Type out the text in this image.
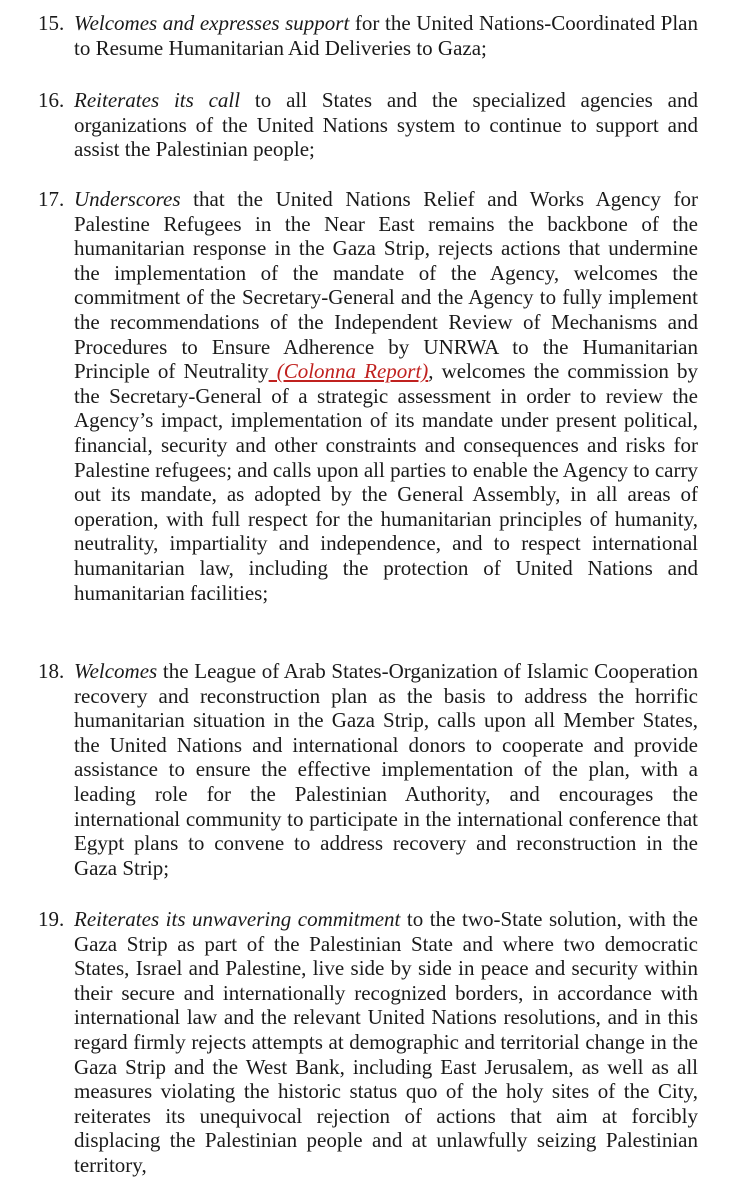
15. Welcomes and expresses support for the United Nations-Coordinated Plan to Resume Humanitarian Aid Deliveries to Gaza;
16. Reiterates its call to all States and the specialized agencies and organizations of the United Nations system to continue to support and assist the Palestinian people;
17. Underscores that the United Nations Relief and Works Agency for Palestine Refugees in the Near East remains the backbone of the humanitarian response in the Gaza Strip, rejects actions that undermine the implementation of the mandate of the Agency, welcomes the commitment of the Secretary-General and the Agency to fully implement the recommendations of the Independent Review of Mechanisms and Procedures to Ensure Adherence by UNRWA to the Humanitarian Principle of Neutrality (Colonna Report), welcomes the commission by the Secretary-General of a strategic assessment in order to review the Agency’s impact, implementation of its mandate under present political, financial, security and other constraints and consequences and risks for Palestine refugees; and calls upon all parties to enable the Agency to carry out its mandate, as adopted by the General Assembly, in all areas of operation, with full respect for the humanitarian principles of humanity, neutrality, impartiality and independence, and to respect international humanitarian law, including the protection of United Nations and humanitarian facilities;
18. Welcomes the League of Arab States-Organization of Islamic Cooperation recovery and reconstruction plan as the basis to address the horrific humanitarian situation in the Gaza Strip, calls upon all Member States, the United Nations and international donors to cooperate and provide assistance to ensure the effective implementation of the plan, with a leading role for the Palestinian Authority, and encourages the international community to participate in the international conference that Egypt plans to convene to address recovery and reconstruction in the Gaza Strip;
19. Reiterates its unwavering commitment to the two-State solution, with the Gaza Strip as part of the Palestinian State and where two democratic States, Israel and Palestine, live side by side in peace and security within their secure and internationally recognized borders, in accordance with international law and the relevant United Nations resolutions, and in this regard firmly rejects attempts at demographic and territorial change in the Gaza Strip and the West Bank, including East Jerusalem, as well as all measures violating the historic status quo of the holy sites of the City, reiterates its unequivocal rejection of actions that aim at forcibly displacing the Palestinian people and at unlawfully seizing Palestinian territory,
